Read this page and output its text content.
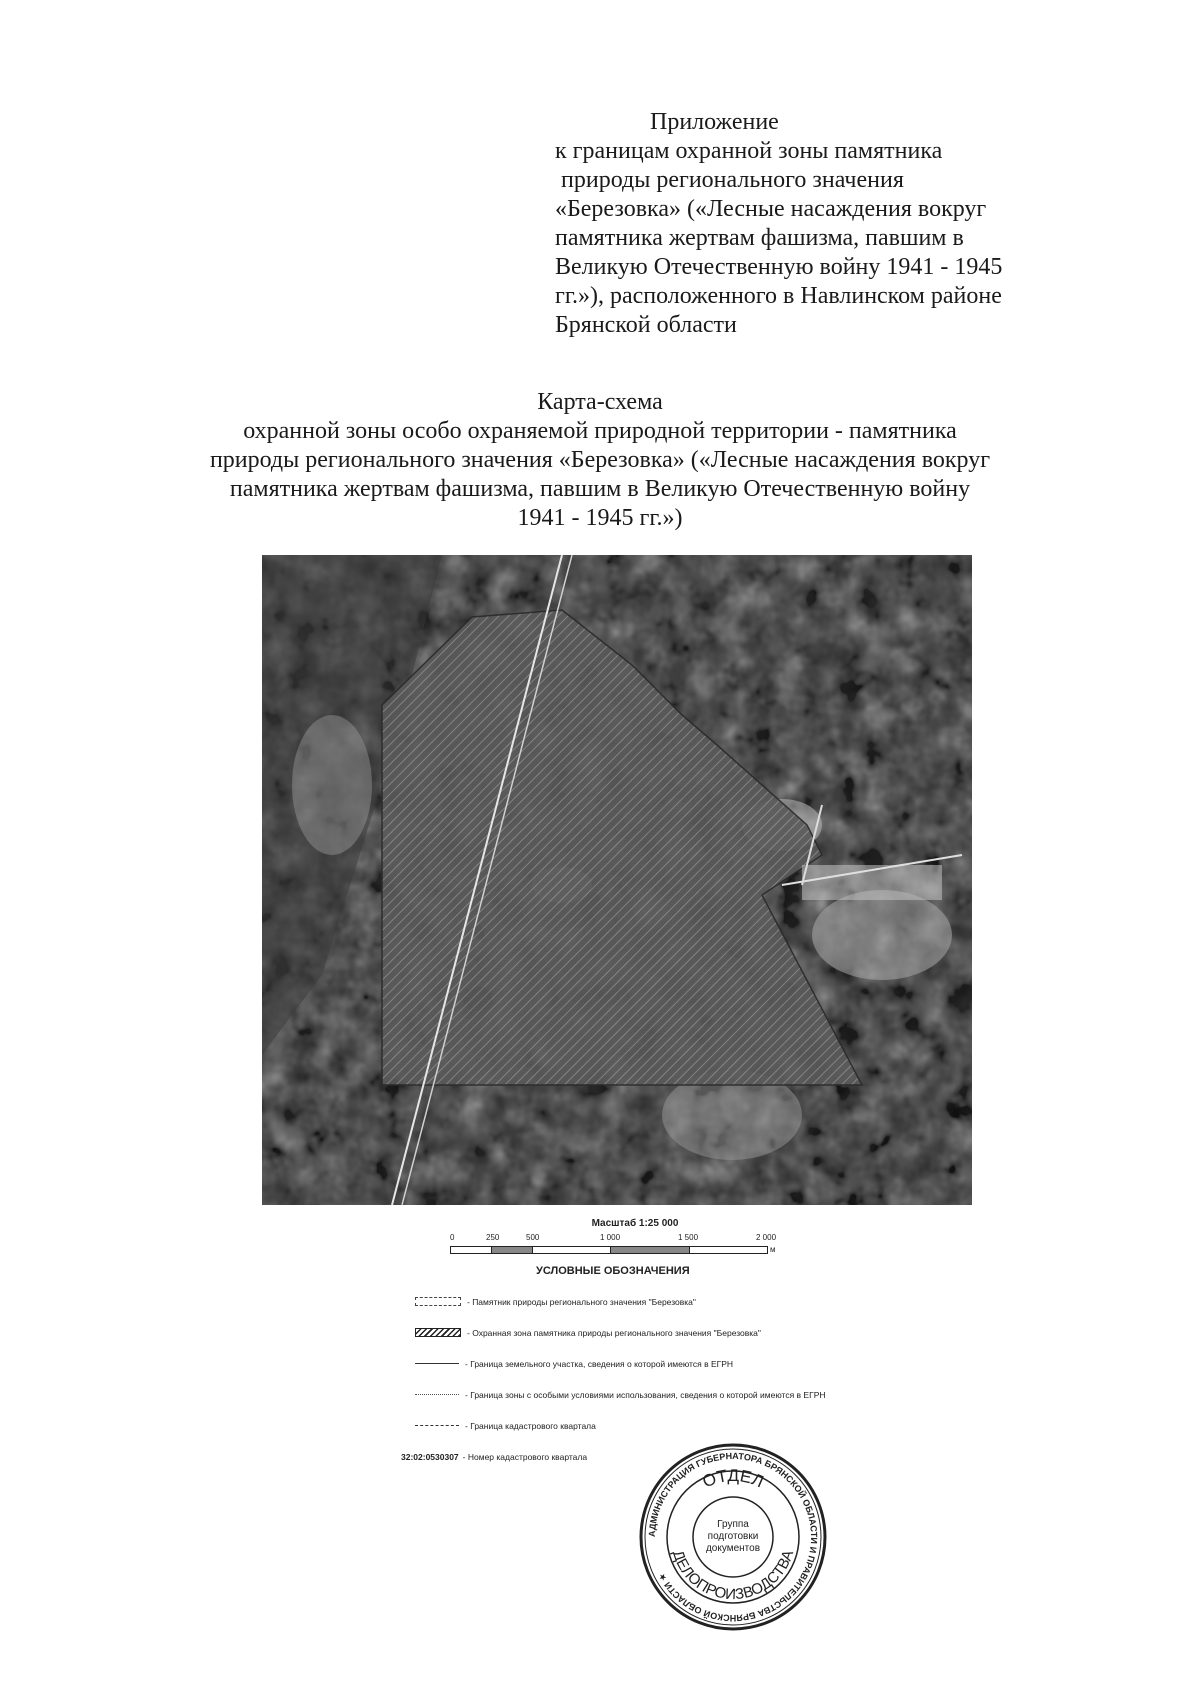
Приложение
к границам охранной зоны памятника
природы регионального значения
«Березовка» («Лесные насаждения вокруг
памятника жертвам фашизма, павшим в
Великую Отечественную войну 1941 - 1945
гг.»), расположенного в Навлинском районе
Брянской области
Карта-схема
охранной зоны особо охраняемой природной территории - памятника
природы регионального значения «Березовка» («Лесные насаждения вокруг
памятника жертвам фашизма, павшим в Великую Отечественную войну
1941 - 1945 гг.»)
Масштаб 1:25 000
0	250	500	1 000	1 500	2 000
м
УСЛОВНЫЕ ОБОЗНАЧЕНИЯ
- Памятник природы регионального значения "Березовка"
- Охранная зона памятника природы регионального значения "Березовка"
- Граница земельного участка, сведения о которой имеются в ЕГРН
- Граница зоны с особыми условиями использования, сведения о которой имеются в ЕГРН
- Граница кадастрового квартала
32:02:0530307 - Номер кадастрового квартала
АДМИНИСТРАЦИЯ ГУБЕРНАТОРА БРЯНСКОЙ ОБЛАСТИ И ПРАВИТЕЛЬСТВА БРЯНСКОЙ ОБЛАСТИ ★
ОТДЕЛ
ДЕЛОПРОИЗВОДСТВА
Группа
подготовки
документов
